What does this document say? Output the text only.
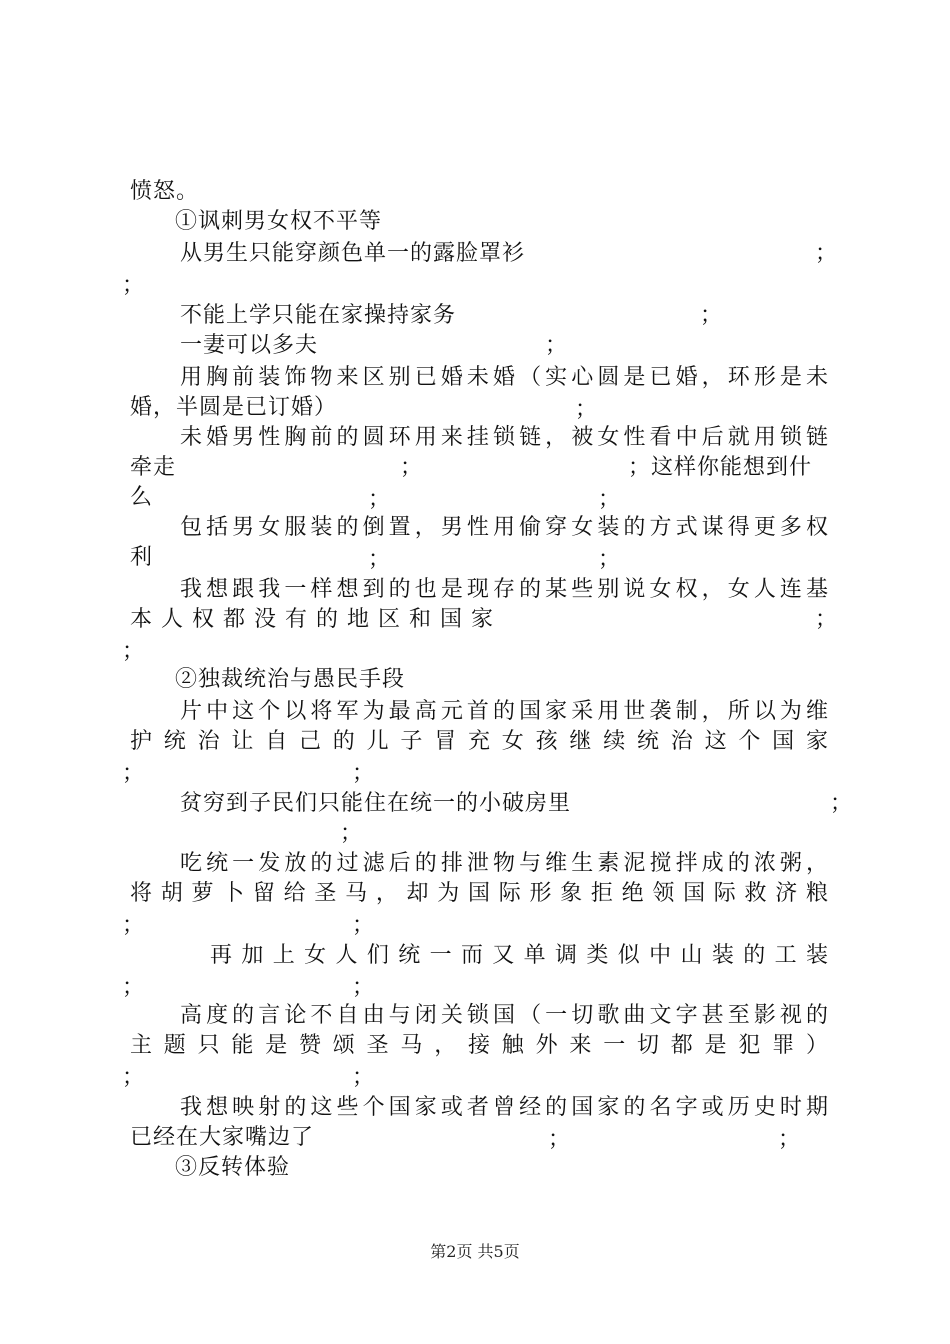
愤怒。
①讽刺男女权不平等
从男生只能穿颜色单一的露脸罩衫	；
；
不能上学只能在家操持家务	；
一妻可以多夫	；
用胸前装饰物来区别已婚未婚（实心圆是已婚，环形是未
婚，半圆是已订婚）	；
未婚男性胸前的圆环用来挂锁链，被女性看中后就用锁链
牵走	；	；这样你能想到什
么	；	；
包括男女服装的倒置，男性用偷穿女装的方式谋得更多权
利	；	；
我想跟我一样想到的也是现存的某些别说女权，女人连基
本人权都没有的地区和国家	；
；
②独裁统治与愚民手段
片中这个以将军为最高元首的国家采用世袭制，所以为维
护统治让自己的儿子冒充女孩继续统治这个国家
；	；
贫穷到子民们只能住在统一的小破房里	；
；
吃统一发放的过滤后的排泄物与维生素泥搅拌成的浓粥，
将胡萝卜留给圣马，却为国际形象拒绝领国际救济粮
；	；
再加上女人们统一而又单调类似中山装的工装
；	；
高度的言论不自由与闭关锁国（一切歌曲文字甚至影视的
主题只能是赞颂圣马，接触外来一切都是犯罪）
；	；
我想映射的这些个国家或者曾经的国家的名字或历史时期
已经在大家嘴边了	；	；
③反转体验
第2页 共5页
